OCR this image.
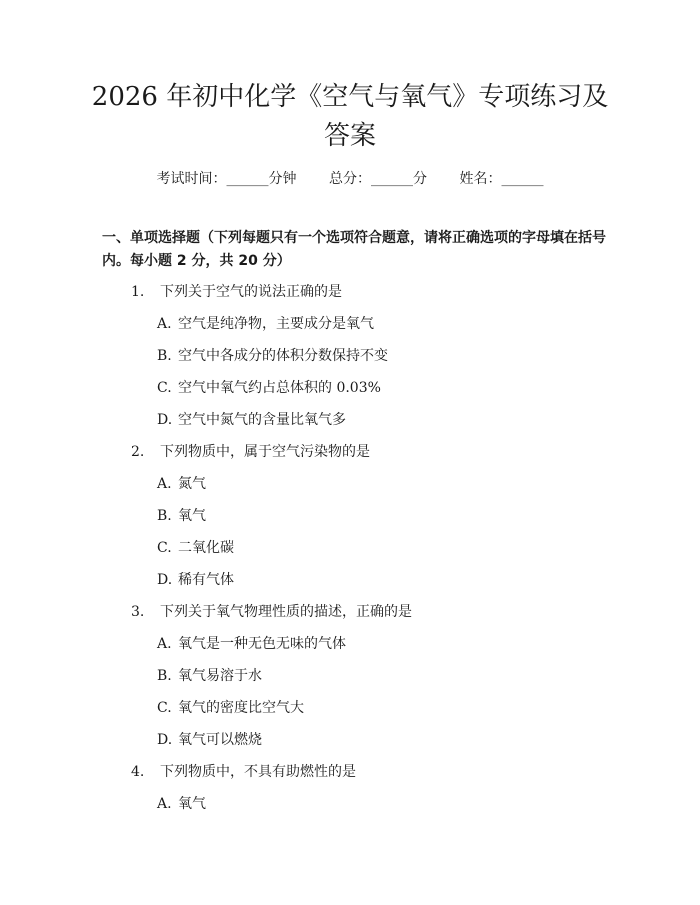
2026 年初中化学《空气与氧气》专项练习及答案
考试时间：______分钟 总分：______分 姓名：______
一、单项选择题（下列每题只有一个选项符合题意，请将正确选项的字母填在括号内。每小题 2 分，共 20 分）
1. 下列关于空气的说法正确的是
A. 空气是纯净物，主要成分是氧气
B. 空气中各成分的体积分数保持不变
C. 空气中氧气约占总体积的 0.03%
D. 空气中氮气的含量比氧气多
2. 下列物质中，属于空气污染物的是
A. 氮气
B. 氧气
C. 二氧化碳
D. 稀有气体
3. 下列关于氧气物理性质的描述，正确的是
A. 氧气是一种无色无味的气体
B. 氧气易溶于水
C. 氧气的密度比空气大
D. 氧气可以燃烧
4. 下列物质中，不具有助燃性的是
A. 氧气
